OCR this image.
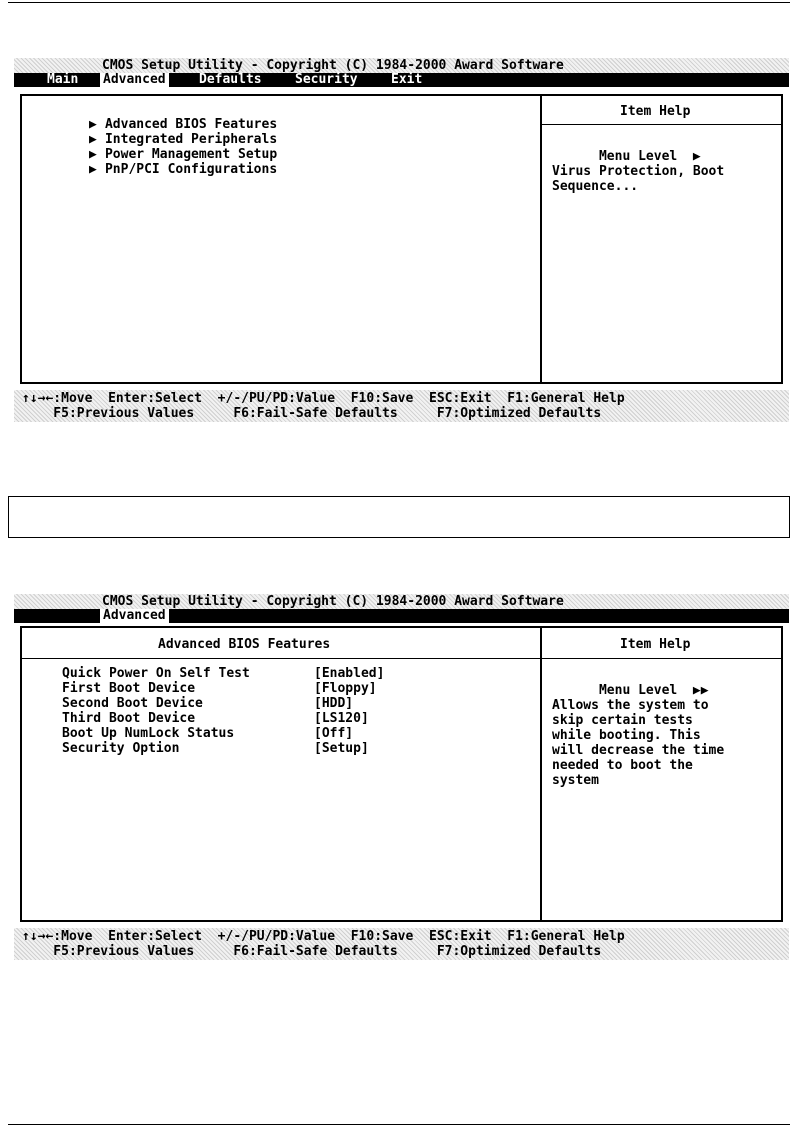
CMOS Setup Utility - Copyright (C) 1984-2000 Award Software
Main Advanced	Defaults	Security	Exit

▶ Advanced BIOS Features

▶ Integrated Peripherals

▶ Power Management Setup

▶ PnP/PCI Configurations

Item Help

Menu Level ▶

Virus Protection, Boot
Sequence...

↑↓→←:Move  Enter:Select  +/-/PU/PD:Value  F10:Save  ESC:Exit  F1:General Help

F5:Previous Values     F6:Fail-Safe Defaults     F7:Optimized Defaults

CMOS Setup Utility - Copyright (C) 1984-2000 Award Software
Advanced
Advanced BIOS Features	Item Help
Quick Power On Self Test	[Enabled]
First Boot Device	[Floppy]
Second Boot Device	[HDD]
Third Boot Device	[LS120]
Boot Up NumLock Status	[Off]
Security Option	[Setup]

Menu Level ▶▶

Allows the system to
skip certain tests
while booting. This
will decrease the time
needed to boot the
system

↑↓→←:Move  Enter:Select  +/-/PU/PD:Value  F10:Save  ESC:Exit  F1:General Help

F5:Previous Values     F6:Fail-Safe Defaults     F7:Optimized Defaults
